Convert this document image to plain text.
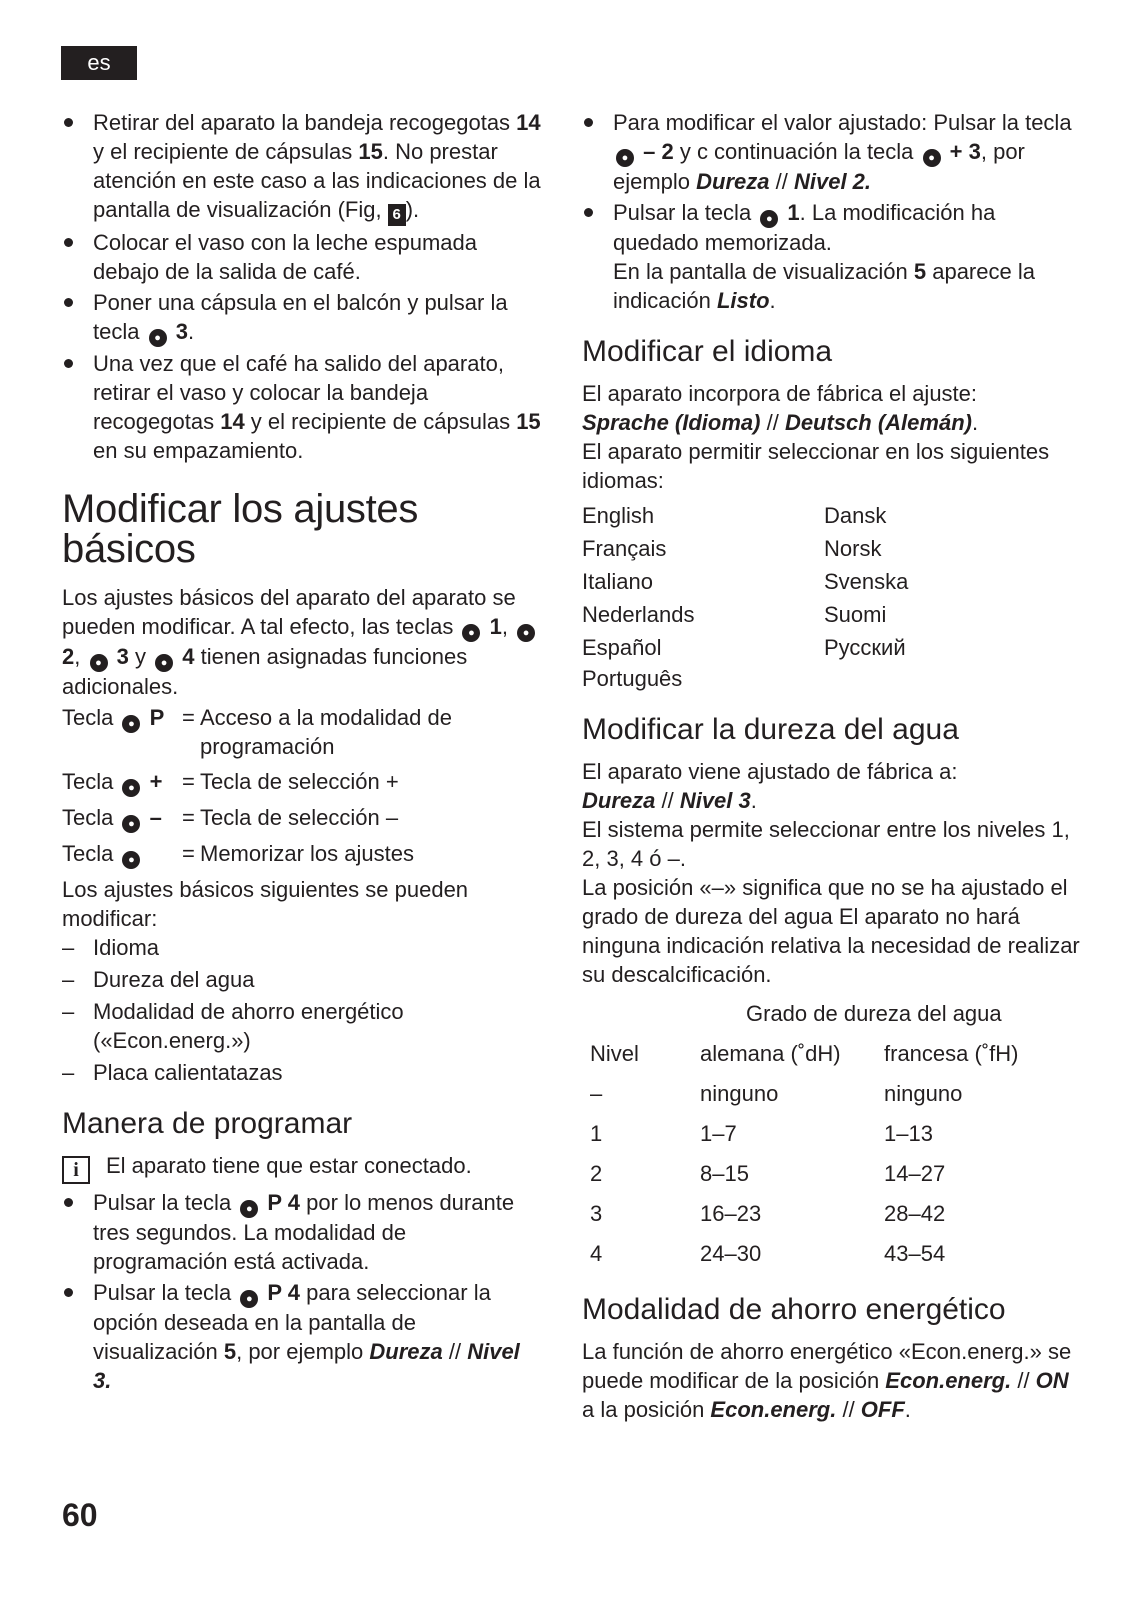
es
Retirar del aparato la bandeja recogegotas 14 y el recipiente de cápsulas 15. No prestar atención en este caso a las indicaciones de la pantalla de visualización (Fig, 6 ).
Colocar el vaso con la leche espumada debajo de la salida de café.
Poner una cápsula en el balcón y pulsar la tecla ● 3.
Una vez que el café ha salido del aparato, retirar el vaso y colocar la bandeja recogegotas 14 y el recipiente de cápsulas 15 en su empazamiento.
Modificar los ajustes básicos

Los ajustes básicos del aparato del aparato se pueden modificar. A tal efecto, las teclas ● 1, ● 2, ● 3 y ● 4 tienen asignadas funciones adicionales.

Tecla ● P	=	Acceso a la modalidad de programación
Tecla ● +	=	Tecla de selección +
Tecla ● –	=	Tecla de selección –
Tecla ●	=	Memorizar los ajustes

Los ajustes básicos siguientes se pueden modificar:

– Idioma
– Dureza del agua
– Modalidad de ahorro energético («Econ.energ.»)
– Placa calientatazas
Manera de programar

i El aparato tiene que estar conectado.

Pulsar la tecla ● P 4 por lo menos durante tres segundos. La modalidad de programación está activada.
Pulsar la tecla ● P 4 para seleccionar la opción deseada en la pantalla de visualización 5, por ejemplo Dureza // Nivel 3.
Para modificar el valor ajustado: Pulsar la tecla ● – 2 y c continuación la tecla ● + 3, por ejemplo Dureza // Nivel 2.
Pulsar la tecla ● 1. La modificación ha quedado memorizada.
En la pantalla de visualización 5 aparece la indicación Listo.
Modificar el idioma

El aparato incorpora de fábrica el ajuste:

Sprache (Idioma) // Deutsch (Alemán).

El aparato permitir seleccionar en los siguientes idiomas:

English	Dansk
Français	Norsk
Italiano	Svenska
Nederlands	Suomi
Español	Русский
Português
Modificar la dureza del agua

El aparato viene ajustado de fábrica a:

Dureza // Nivel 3.

El sistema permite seleccionar entre los niveles 1, 2, 3, 4 ó –.

La posición «–» significa que no se ha ajustado el grado de dureza del agua El aparato no hará ninguna indicación relativa la necesidad de realizar su descalcificación.

Grado de dureza del agua		
Nivel	alemana (˚dH)	francesa (˚fH)
–	ninguno	ninguno
1	1–7	1–13
2	8–15	14–27
3	16–23	28–42
4	24–30	43–54
Modalidad de ahorro energético

La función de ahorro energético «Econ.energ.» se puede modificar de la posición Econ.energ. // ON a la posición Econ.energ. // OFF.

60
